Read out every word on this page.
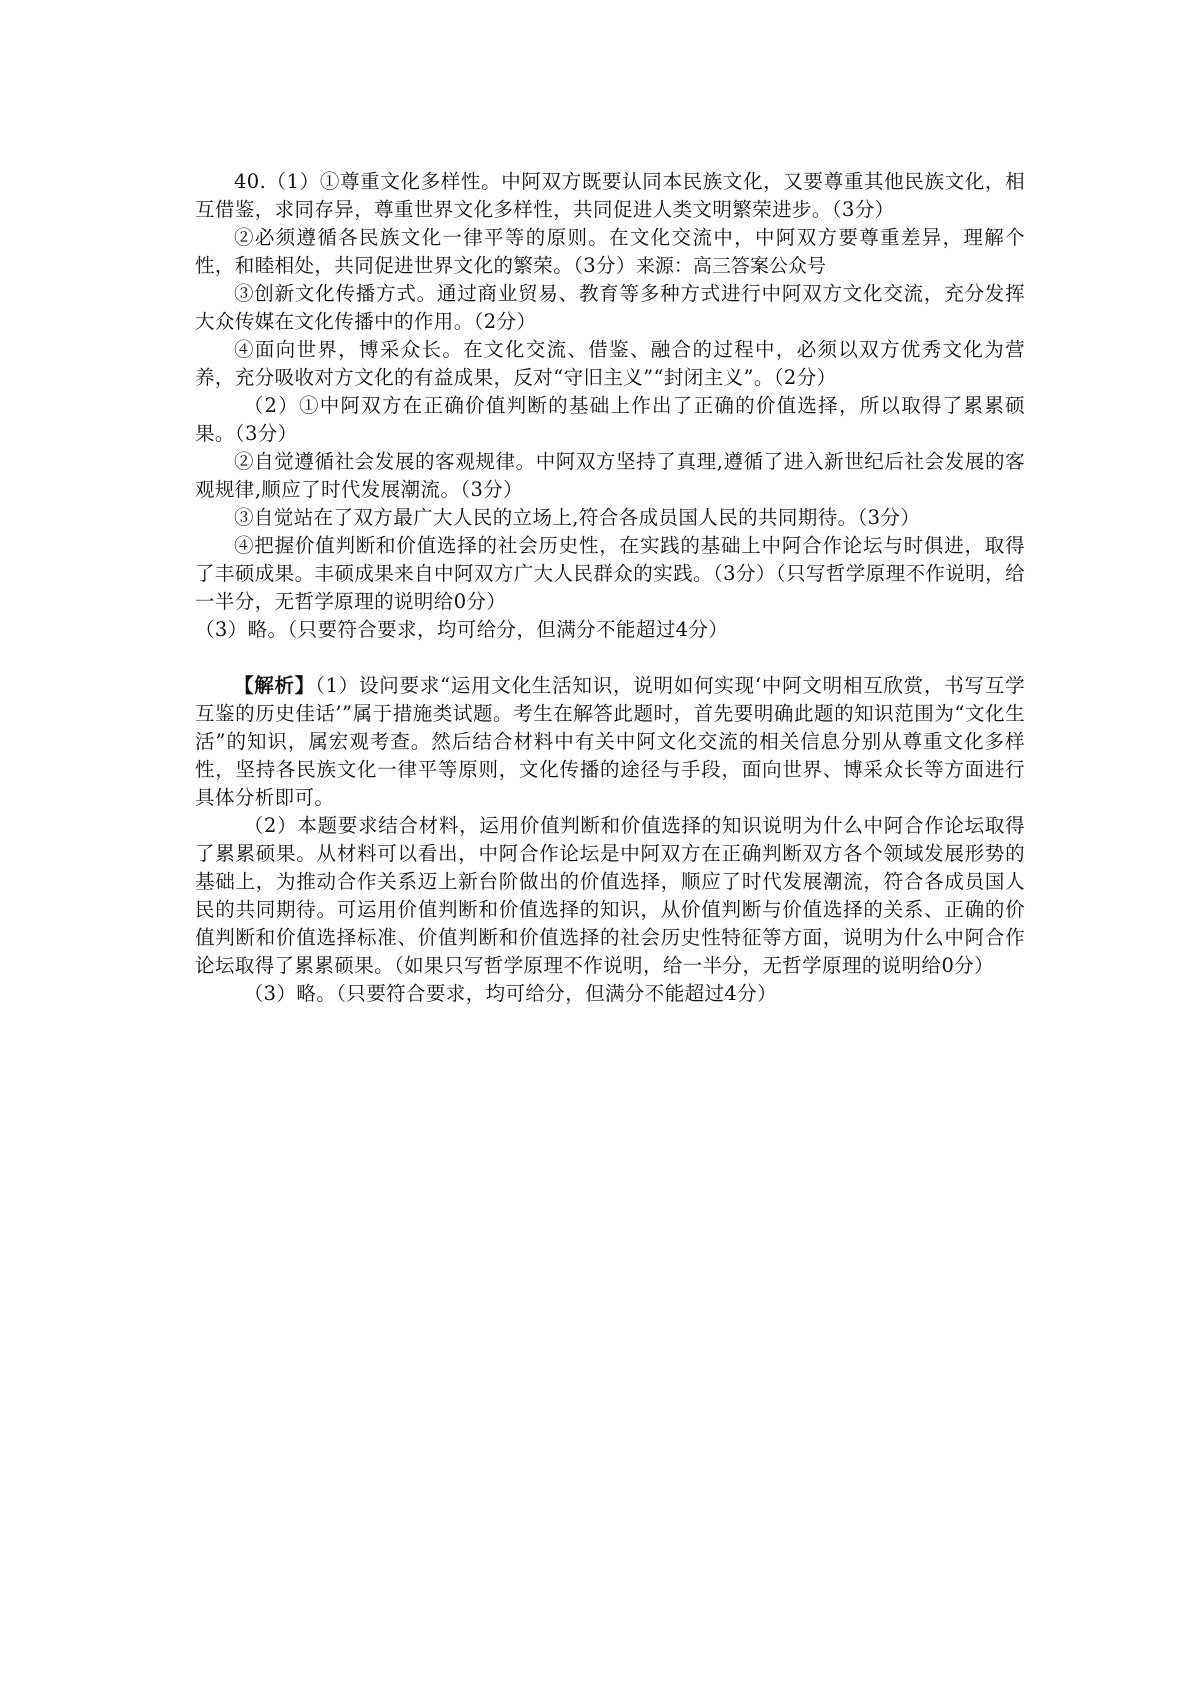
40.（1）①尊重文化多样性。中阿双方既要认同本民族文化，又要尊重其他民族文化，相互借鉴，求同存异，尊重世界文化多样性，共同促进人类文明繁荣进步。（3分）

②必须遵循各民族文化一律平等的原则。在文化交流中，中阿双方要尊重差异，理解个性，和睦相处，共同促进世界文化的繁荣。（3分）来源：高三答案公众号

③创新文化传播方式。通过商业贸易、教育等多种方式进行中阿双方文化交流，充分发挥大众传媒在文化传播中的作用。（2分）

④面向世界，博采众长。在文化交流、借鉴、融合的过程中，必须以双方优秀文化为营养，充分吸收对方文化的有益成果，反对“守旧主义”“封闭主义”。（2分）

（2）①中阿双方在正确价值判断的基础上作出了正确的价值选择，所以取得了累累硕果。（3分）

②自觉遵循社会发展的客观规律。中阿双方坚持了真理,遵循了进入新世纪后社会发展的客观规律,顺应了时代发展潮流。（3分）

③自觉站在了双方最广大人民的立场上,符合各成员国人民的共同期待。（3分）

④把握价值判断和价值选择的社会历史性，在实践的基础上中阿合作论坛与时俱进，取得了丰硕成果。丰硕成果来自中阿双方广大人民群众的实践。（3分）（只写哲学原理不作说明，给一半分，无哲学原理的说明给0分）

（3）略。（只要符合要求，均可给分，但满分不能超过4分）

【解析】（1）设问要求“运用文化生活知识，说明如何实现‘中阿文明相互欣赏，书写互学互鉴的历史佳话’”属于措施类试题。考生在解答此题时，首先要明确此题的知识范围为“文化生活”的知识，属宏观考查。然后结合材料中有关中阿文化交流的相关信息分别从尊重文化多样性，坚持各民族文化一律平等原则，文化传播的途径与手段，面向世界、博采众长等方面进行具体分析即可。

（2）本题要求结合材料，运用价值判断和价值选择的知识说明为什么中阿合作论坛取得了累累硕果。从材料可以看出，中阿合作论坛是中阿双方在正确判断双方各个领域发展形势的基础上，为推动合作关系迈上新台阶做出的价值选择，顺应了时代发展潮流，符合各成员国人民的共同期待。可运用价值判断和价值选择的知识，从价值判断与价值选择的关系、正确的价值判断和价值选择标准、价值判断和价值选择的社会历史性特征等方面，说明为什么中阿合作论坛取得了累累硕果。（如果只写哲学原理不作说明，给一半分，无哲学原理的说明给0分）

（3）略。（只要符合要求，均可给分，但满分不能超过4分）
